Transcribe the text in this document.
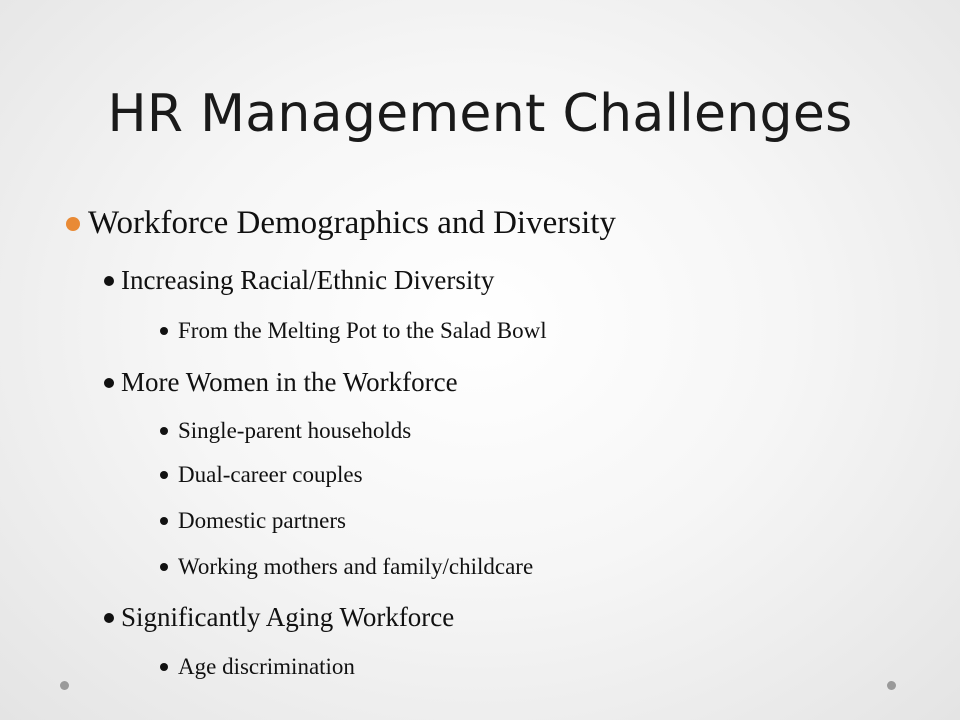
HR Management Challenges
Workforce Demographics and Diversity
Increasing Racial/Ethnic Diversity
From the Melting Pot to the Salad Bowl
More Women in the Workforce
Single-parent households
Dual-career couples
Domestic partners
Working mothers and family/childcare
Significantly Aging Workforce
Age discrimination
